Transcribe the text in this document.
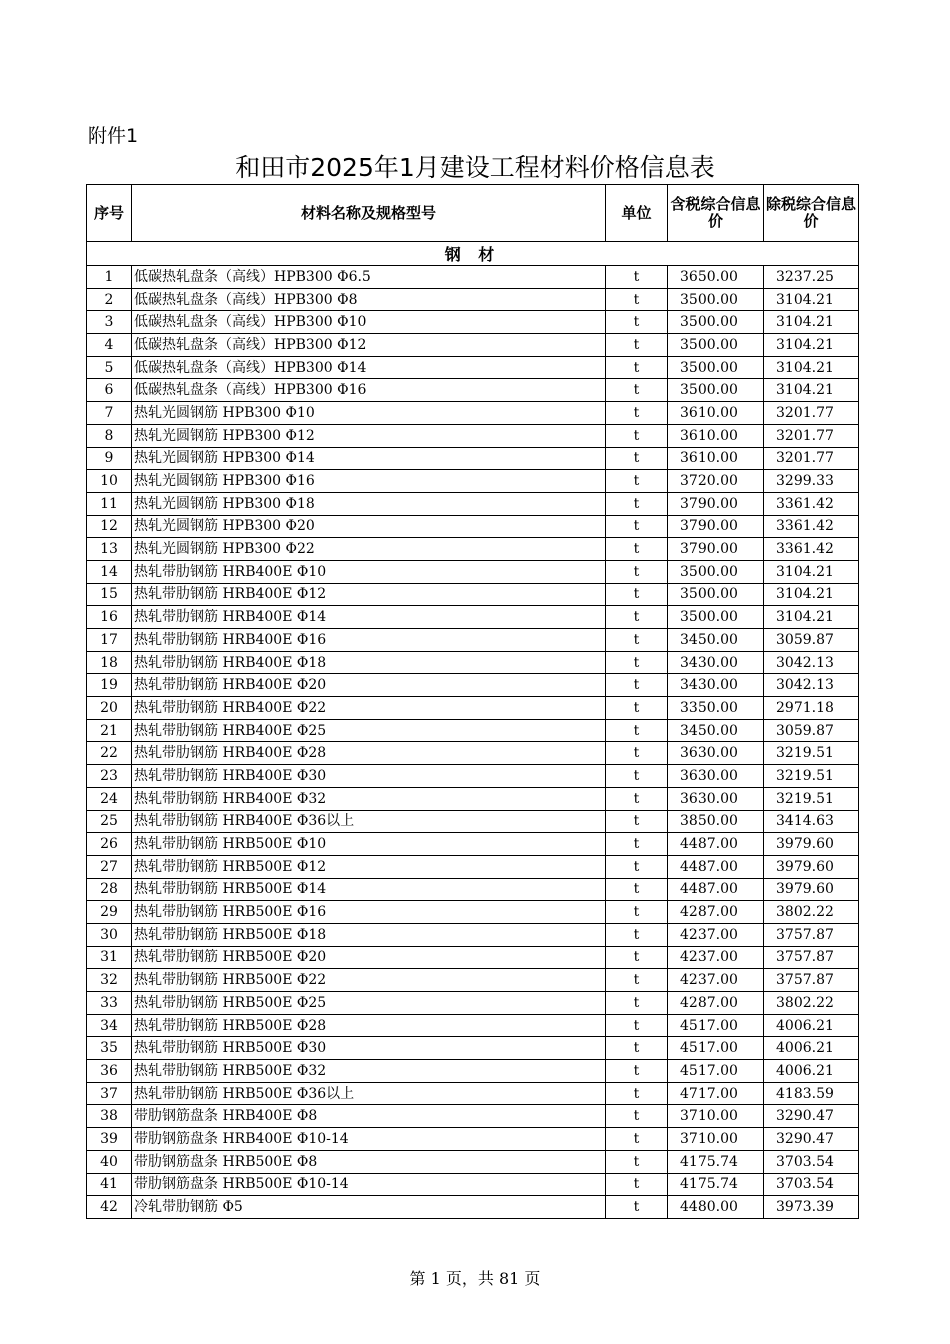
附件1
和田市2025年1月建设工程材料价格信息表
序号	材料名称及规格型号	单位	含税综合信息价	除税综合信息价
钢 材				
1	低碳热轧盘条（高线）HPB300 Φ6.5	t	3650.00	3237.25
2	低碳热轧盘条（高线）HPB300 Φ8	t	3500.00	3104.21
3	低碳热轧盘条（高线）HPB300 Φ10	t	3500.00	3104.21
4	低碳热轧盘条（高线）HPB300 Φ12	t	3500.00	3104.21
5	低碳热轧盘条（高线）HPB300 Φ14	t	3500.00	3104.21
6	低碳热轧盘条（高线）HPB300 Φ16	t	3500.00	3104.21
7	热轧光圆钢筋 HPB300 Φ10	t	3610.00	3201.77
8	热轧光圆钢筋 HPB300 Φ12	t	3610.00	3201.77
9	热轧光圆钢筋 HPB300 Φ14	t	3610.00	3201.77
10	热轧光圆钢筋 HPB300 Φ16	t	3720.00	3299.33
11	热轧光圆钢筋 HPB300 Φ18	t	3790.00	3361.42
12	热轧光圆钢筋 HPB300 Φ20	t	3790.00	3361.42
13	热轧光圆钢筋 HPB300 Φ22	t	3790.00	3361.42
14	热轧带肋钢筋 HRB400E Φ10	t	3500.00	3104.21
15	热轧带肋钢筋 HRB400E Φ12	t	3500.00	3104.21
16	热轧带肋钢筋 HRB400E Φ14	t	3500.00	3104.21
17	热轧带肋钢筋 HRB400E Φ16	t	3450.00	3059.87
18	热轧带肋钢筋 HRB400E Φ18	t	3430.00	3042.13
19	热轧带肋钢筋 HRB400E Φ20	t	3430.00	3042.13
20	热轧带肋钢筋 HRB400E Φ22	t	3350.00	2971.18
21	热轧带肋钢筋 HRB400E Φ25	t	3450.00	3059.87
22	热轧带肋钢筋 HRB400E Φ28	t	3630.00	3219.51
23	热轧带肋钢筋 HRB400E Φ30	t	3630.00	3219.51
24	热轧带肋钢筋 HRB400E Φ32	t	3630.00	3219.51
25	热轧带肋钢筋 HRB400E Φ36以上	t	3850.00	3414.63
26	热轧带肋钢筋 HRB500E Φ10	t	4487.00	3979.60
27	热轧带肋钢筋 HRB500E Φ12	t	4487.00	3979.60
28	热轧带肋钢筋 HRB500E Φ14	t	4487.00	3979.60
29	热轧带肋钢筋 HRB500E Φ16	t	4287.00	3802.22
30	热轧带肋钢筋 HRB500E Φ18	t	4237.00	3757.87
31	热轧带肋钢筋 HRB500E Φ20	t	4237.00	3757.87
32	热轧带肋钢筋 HRB500E Φ22	t	4237.00	3757.87
33	热轧带肋钢筋 HRB500E Φ25	t	4287.00	3802.22
34	热轧带肋钢筋 HRB500E Φ28	t	4517.00	4006.21
35	热轧带肋钢筋 HRB500E Φ30	t	4517.00	4006.21
36	热轧带肋钢筋 HRB500E Φ32	t	4517.00	4006.21
37	热轧带肋钢筋 HRB500E Φ36以上	t	4717.00	4183.59
38	带肋钢筋盘条 HRB400E Φ8	t	3710.00	3290.47
39	带肋钢筋盘条 HRB400E Φ10-14	t	3710.00	3290.47
40	带肋钢筋盘条 HRB500E Φ8	t	4175.74	3703.54
41	带肋钢筋盘条 HRB500E Φ10-14	t	4175.74	3703.54
42	冷轧带肋钢筋 Φ5	t	4480.00	3973.39
第 1 页，共 81 页
